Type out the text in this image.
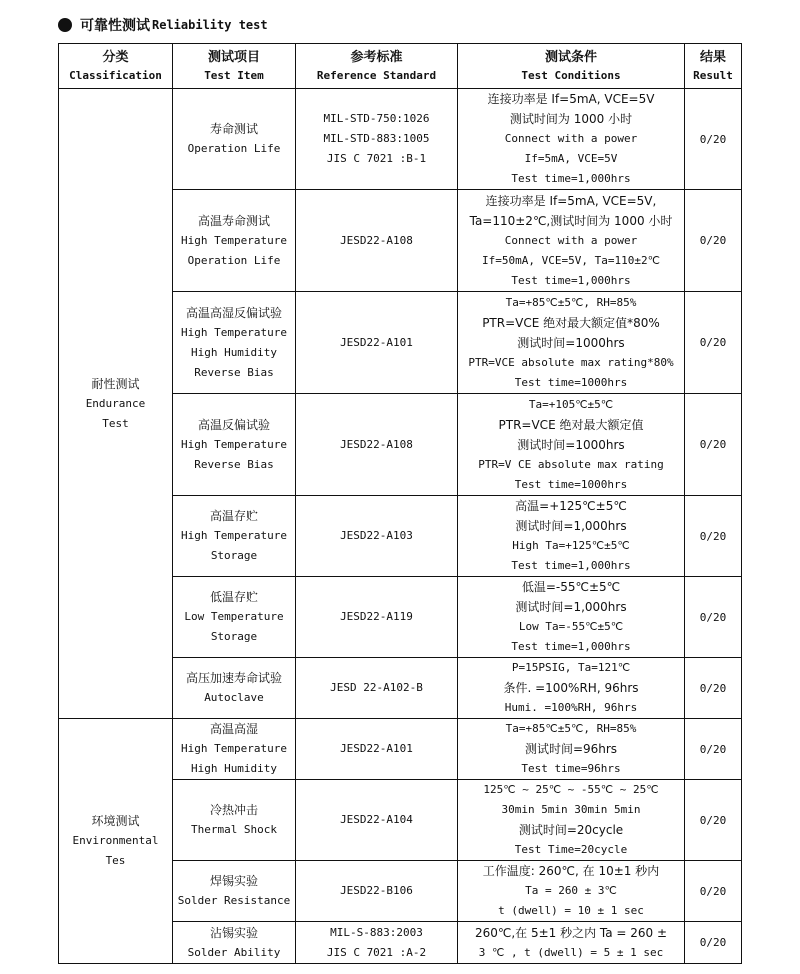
可靠性测试 Reliability test
分类
Classification	测试项目
Test Item	参考标准
Reference Standard	测试条件
Test Conditions	结果
Result

耐性测试
Endurance
Test	寿命测试
Operation Life	MIL-STD-750:1026
MIL-STD-883:1005
JIS C 7021 :B-1	连接功率是 If=5mA, VCE=5V
测试时间为 1000 小时
Connect with a power
If=5mA, VCE=5V
Test time=1,000hrs	0/20

	高温寿命测试
High Temperature
Operation Life	JESD22-A108	连接功率是 If=5mA, VCE=5V,
Ta=110±2℃,测试时间为 1000 小时
Connect with a power
If=50mA, VCE=5V, Ta=110±2℃
Test time=1,000hrs	0/20

	高温高湿反偏试验
High Temperature
High Humidity
Reverse Bias	JESD22-A101	Ta=+85℃±5℃, RH=85%
PTR=VCE 绝对最大额定值*80%
测试时间=1000hrs
PTR=VCE absolute max rating*80%
Test time=1000hrs	0/20

	高温反偏试验
High Temperature
Reverse Bias	JESD22-A108	Ta=+105℃±5℃
PTR=VCE 绝对最大额定值
测试时间=1000hrs
PTR=V CE absolute max rating
Test time=1000hrs	0/20

	高温存贮
High Temperature
Storage	JESD22-A103	高温=+125℃±5℃
测试时间=1,000hrs
High Ta=+125℃±5℃
Test time=1,000hrs	0/20

	低温存贮
Low Temperature
Storage	JESD22-A119	低温=-55℃±5℃
测试时间=1,000hrs
Low Ta=-55℃±5℃
Test time=1,000hrs	0/20

	高压加速寿命试验
Autoclave	JESD 22-A102-B	P=15PSIG, Ta=121℃
条件. =100%RH, 96hrs
Humi. =100%RH, 96hrs	0/20

环境测试
Environmental
Tes	高温高湿
High Temperature
High Humidity	JESD22-A101	Ta=+85℃±5℃, RH=85%
测试时间=96hrs
Test time=96hrs	0/20

	冷热冲击
Thermal Shock	JESD22-A104	125℃ ~ 25℃ ~ -55℃ ~ 25℃
30min 5min 30min 5min
测试时间=20cycle
Test Time=20cycle	0/20

	焊锡实验
Solder Resistance	JESD22-B106	工作温度: 260℃, 在 10±1 秒内
Ta = 260 ± 3℃
t (dwell) = 10 ± 1 sec	0/20

	沾锡实验
Solder Ability	MIL-S-883:2003
JIS C 7021 :A-2	260℃,在 5±1 秒之内 Ta = 260 ±
3 ℃ , t (dwell) = 5 ± 1 sec	0/20
